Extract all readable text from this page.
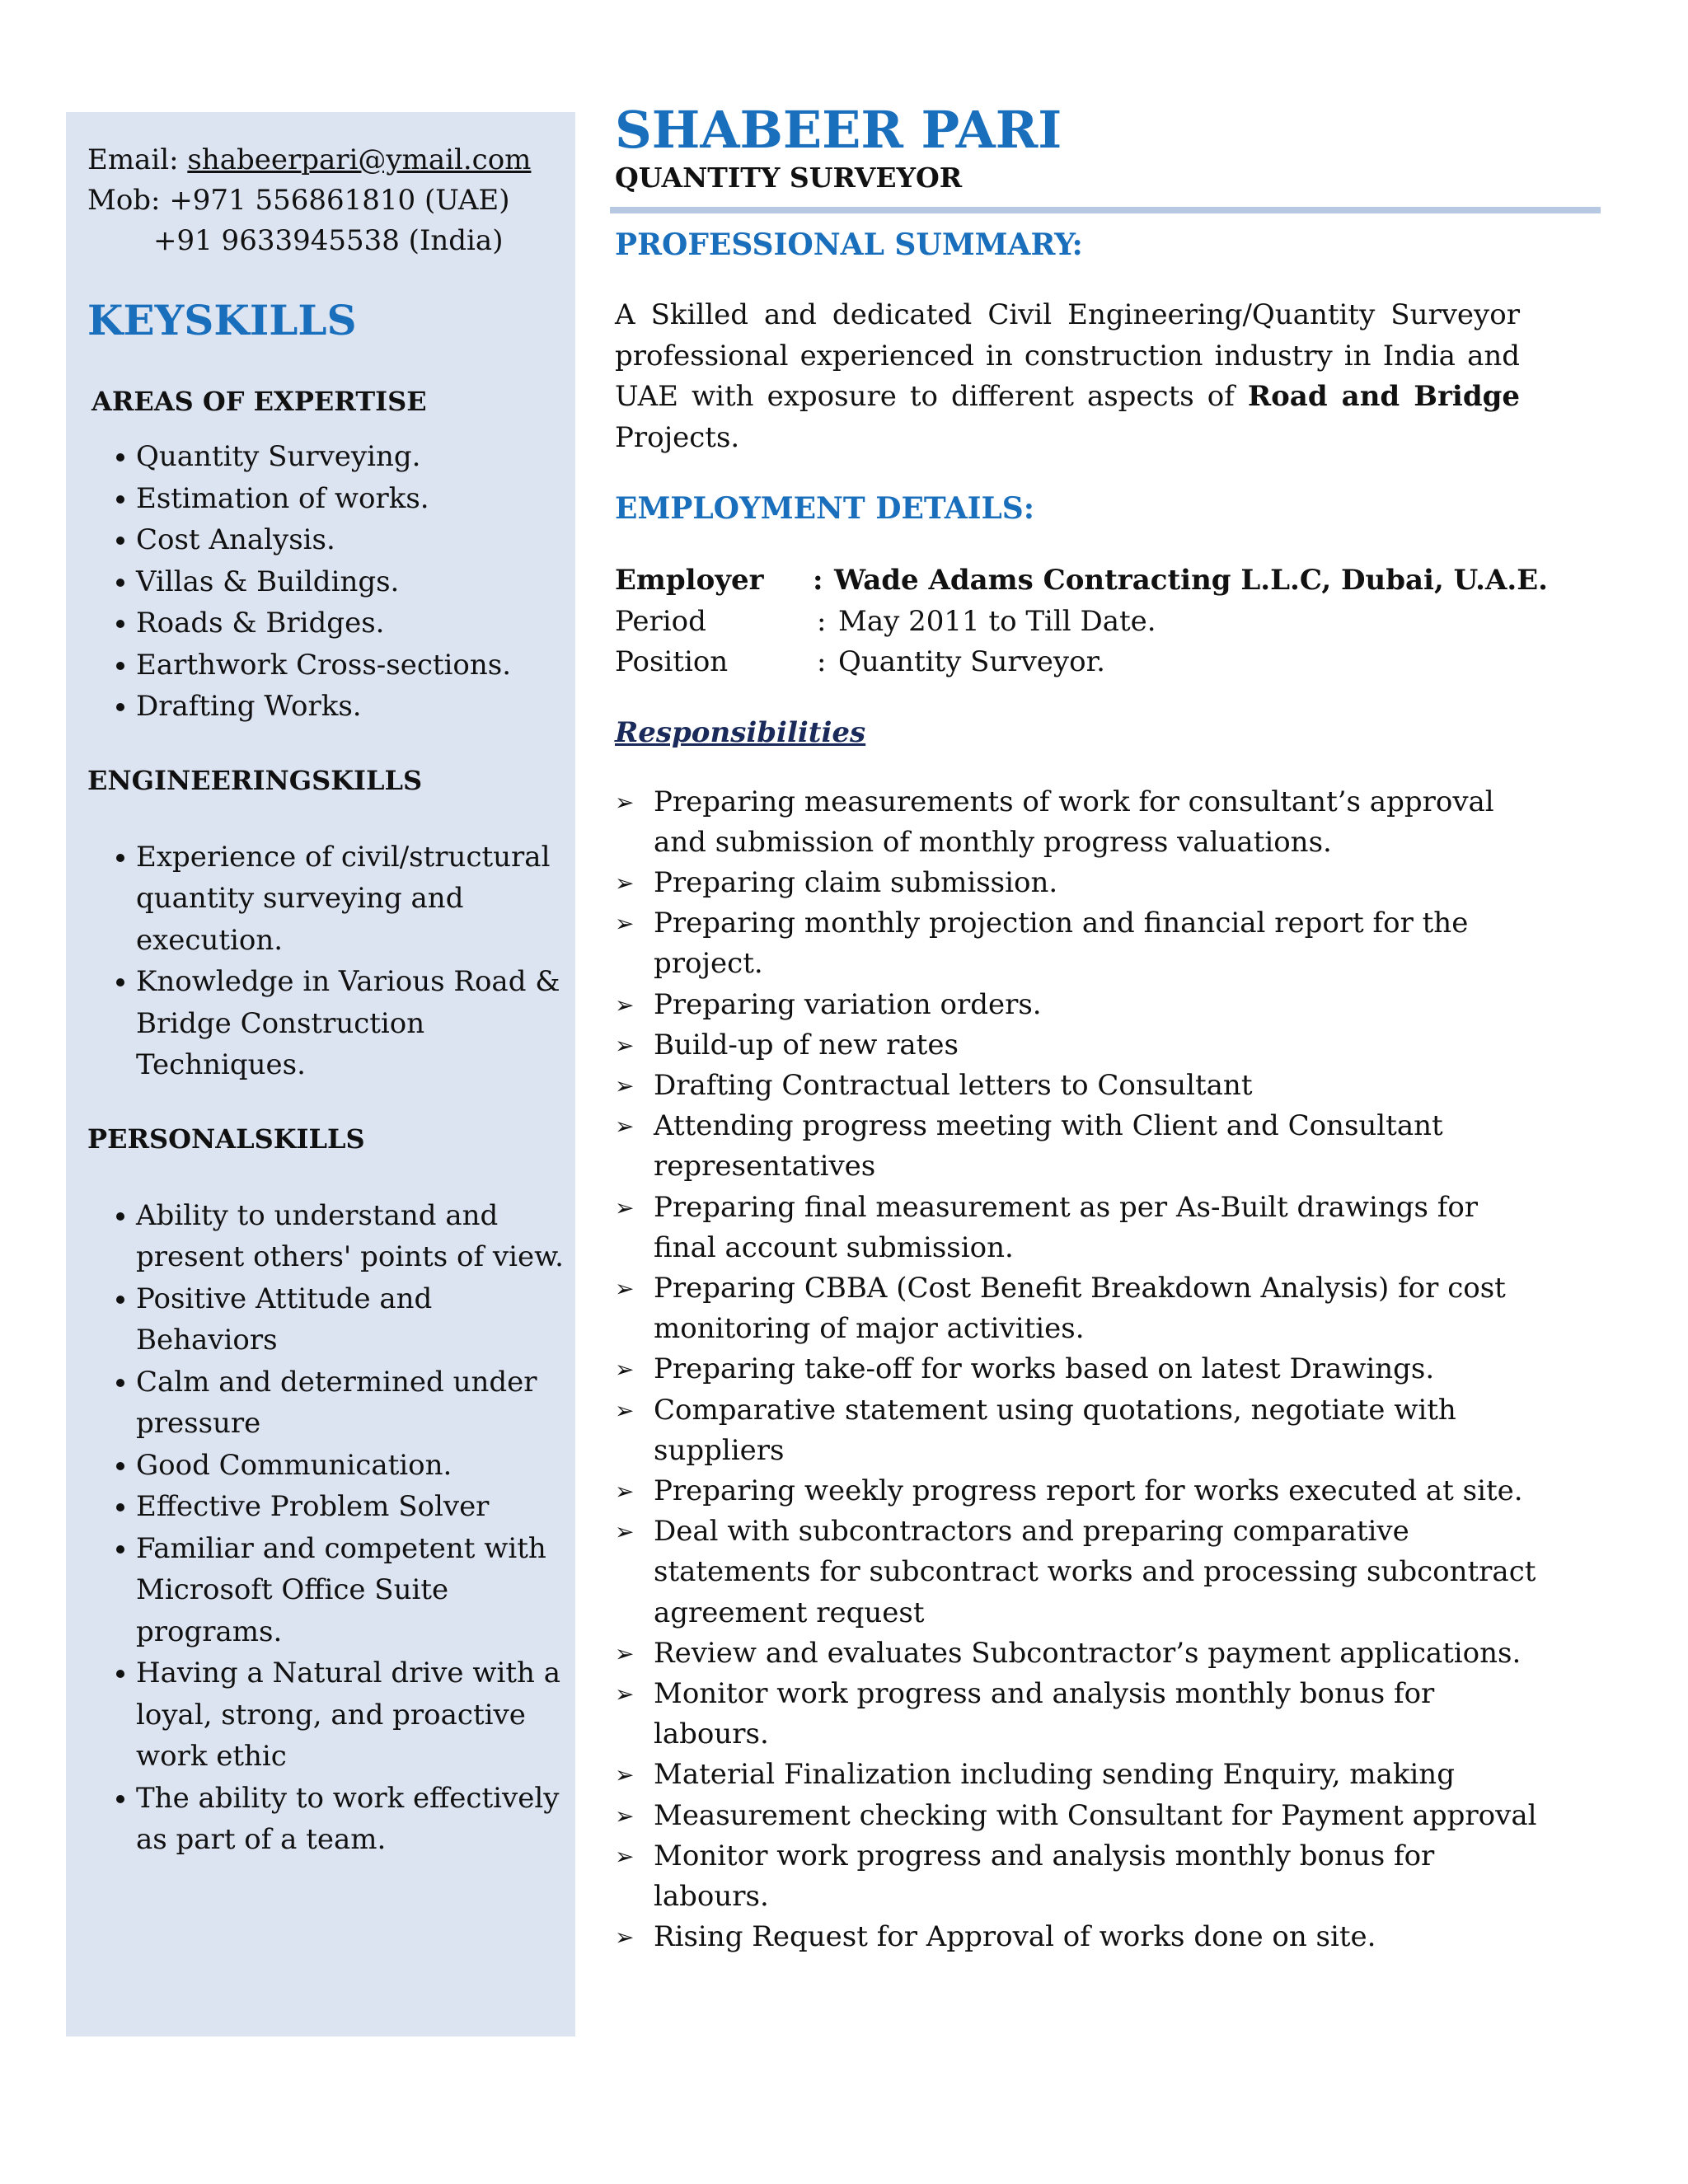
Email: shabeerpari@ymail.com
Mob: +971 556861810 (UAE)
+91 9633945538 (India)
KEYSKILLS
AREAS OF EXPERTISE
Quantity Surveying.
Estimation of works.
Cost Analysis.
Villas & Buildings.
Roads & Bridges.
Earthwork Cross-sections.
Drafting Works.
ENGINEERINGSKILLS
Experience of civil/structural quantity surveying and execution.
Knowledge in Various Road & Bridge Construction Techniques.
PERSONALSKILLS
Ability to understand and present others' points of view.
Positive Attitude and Behaviors
Calm and determined under pressure
Good Communication.
Effective Problem Solver
Familiar and competent with Microsoft Office Suite programs.
Having a Natural drive with a loyal, strong, and proactive work ethic
The ability to work effectively as part of a team.
SHABEER PARI
QUANTITY SURVEYOR
PROFESSIONAL SUMMARY:
A Skilled and dedicated Civil Engineering/Quantity Surveyor professional experienced in construction industry in India and UAE with exposure to different aspects of Road and Bridge Projects.
EMPLOYMENT DETAILS:
Employer	: Wade Adams Contracting L.L.C, Dubai, U.A.E.
Period	: May 2011 to Till Date.
Position	: Quantity Surveyor.
Responsibilities
➢ Preparing measurements of work for consultant’s approval and submission of monthly progress valuations.
➢ Preparing claim submission.
➢ Preparing monthly projection and financial report for the project.
➢ Preparing variation orders.
➢ Build-up of new rates
➢ Drafting Contractual letters to Consultant
➢ Attending progress meeting with Client and Consultant representatives
➢ Preparing final measurement as per As-Built drawings for final account submission.
➢ Preparing CBBA (Cost Benefit Breakdown Analysis) for cost monitoring of major activities.
➢ Preparing take-off for works based on latest Drawings.
➢ Comparative statement using quotations, negotiate with suppliers
➢ Preparing weekly progress report for works executed at site.
➢ Deal with subcontractors and preparing comparative statements for subcontract works and processing subcontract agreement request
➢ Review and evaluates Subcontractor’s payment applications.
➢ Monitor work progress and analysis monthly bonus for labours.
➢ Material Finalization including sending Enquiry, making
➢ Measurement checking with Consultant for Payment approval
➢ Monitor work progress and analysis monthly bonus for labours.
➢ Rising Request for Approval of works done on site.
